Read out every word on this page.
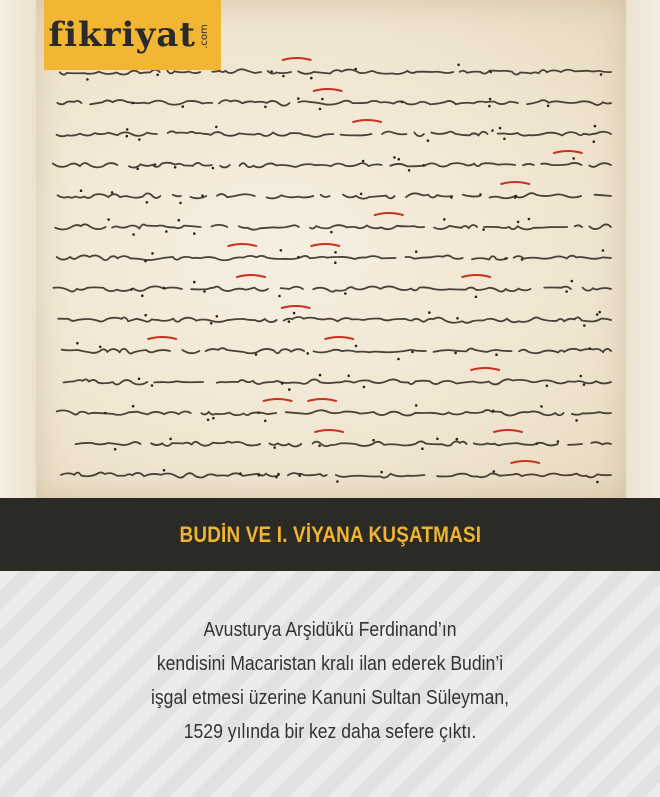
fikriyat .com
BUDİN VE I. VİYANA KUŞATMASI
Avusturya Arşidükü Ferdinand’ın
kendisini Macaristan kralı ilan ederek Budin’i
işgal etmesi üzerine Kanuni Sultan Süleyman,
1529 yılında bir kez daha sefere çıktı.
